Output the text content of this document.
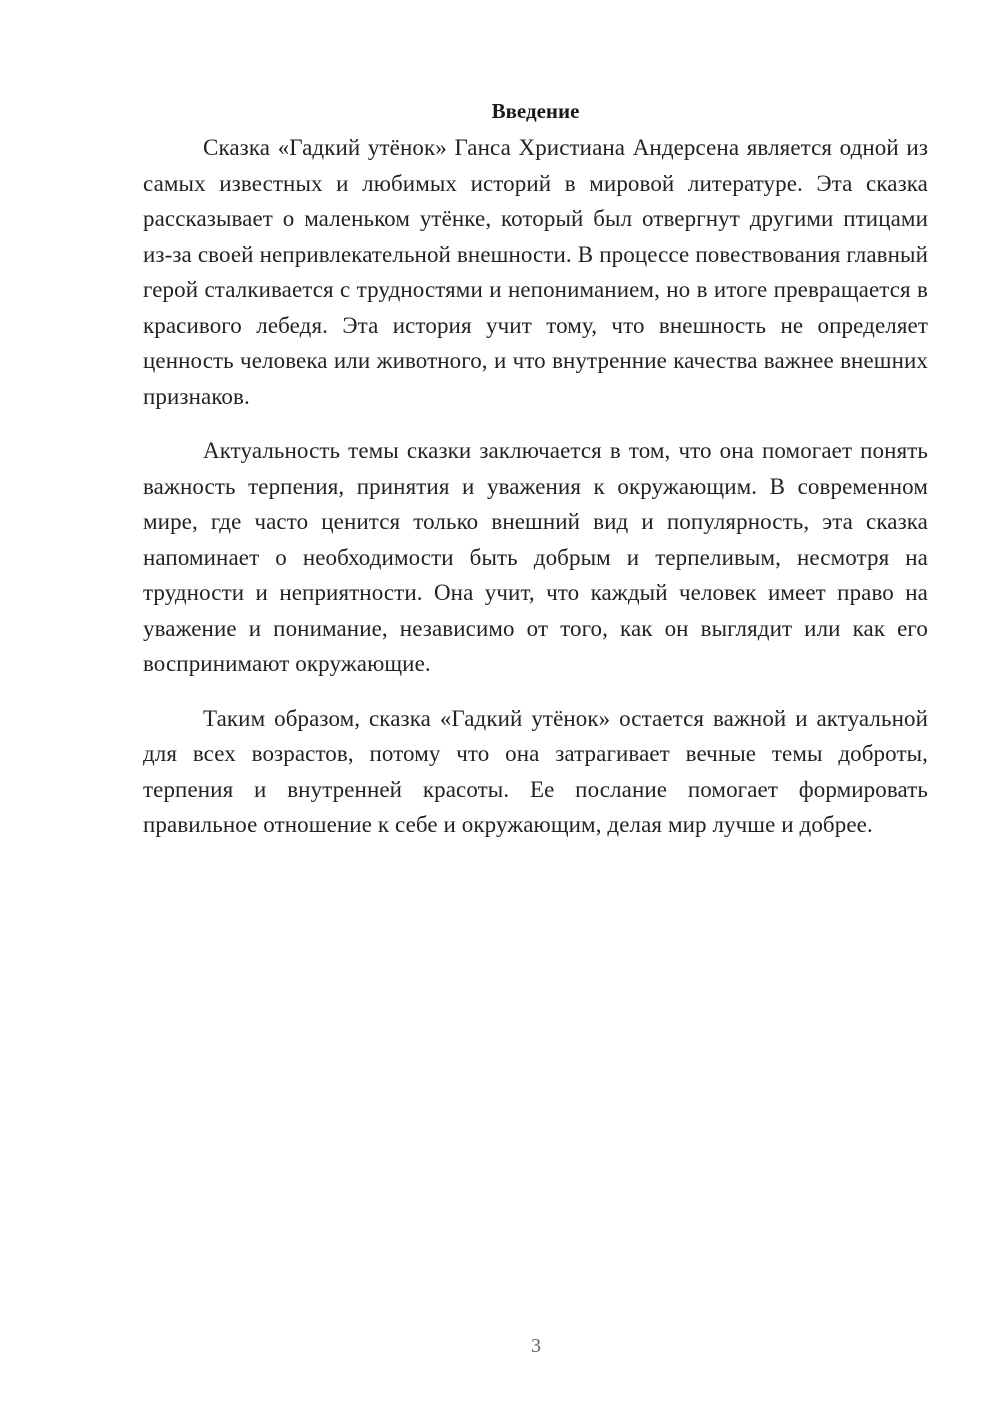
Введение

Сказка «Гадкий утёнок» Ганса Христиана Андерсена является одной из самых известных и любимых историй в мировой литературе. Эта сказка рассказывает о маленьком утёнке, который был отвергнут другими птицами из-за своей непривлекательной внешности. В процессе повествования главный герой сталкивается с трудностями и непониманием, но в итоге превращается в красивого лебедя. Эта история учит тому, что внешность не определяет ценность человека или животного, и что внутренние качества важнее внешних признаков.

Актуальность темы сказки заключается в том, что она помогает понять важность терпения, принятия и уважения к окружающим. В современном мире, где часто ценится только внешний вид и популярность, эта сказка напоминает о необходимости быть добрым и терпеливым, несмотря на трудности и неприятности. Она учит, что каждый человек имеет право на уважение и понимание, независимо от того, как он выглядит или как его воспринимают окружающие.

Таким образом, сказка «Гадкий утёнок» остается важной и актуальной для всех возрастов, потому что она затрагивает вечные темы доброты, терпения и внутренней красоты. Ее послание помогает формировать правильное отношение к себе и окружающим, делая мир лучше и добрее.

3
